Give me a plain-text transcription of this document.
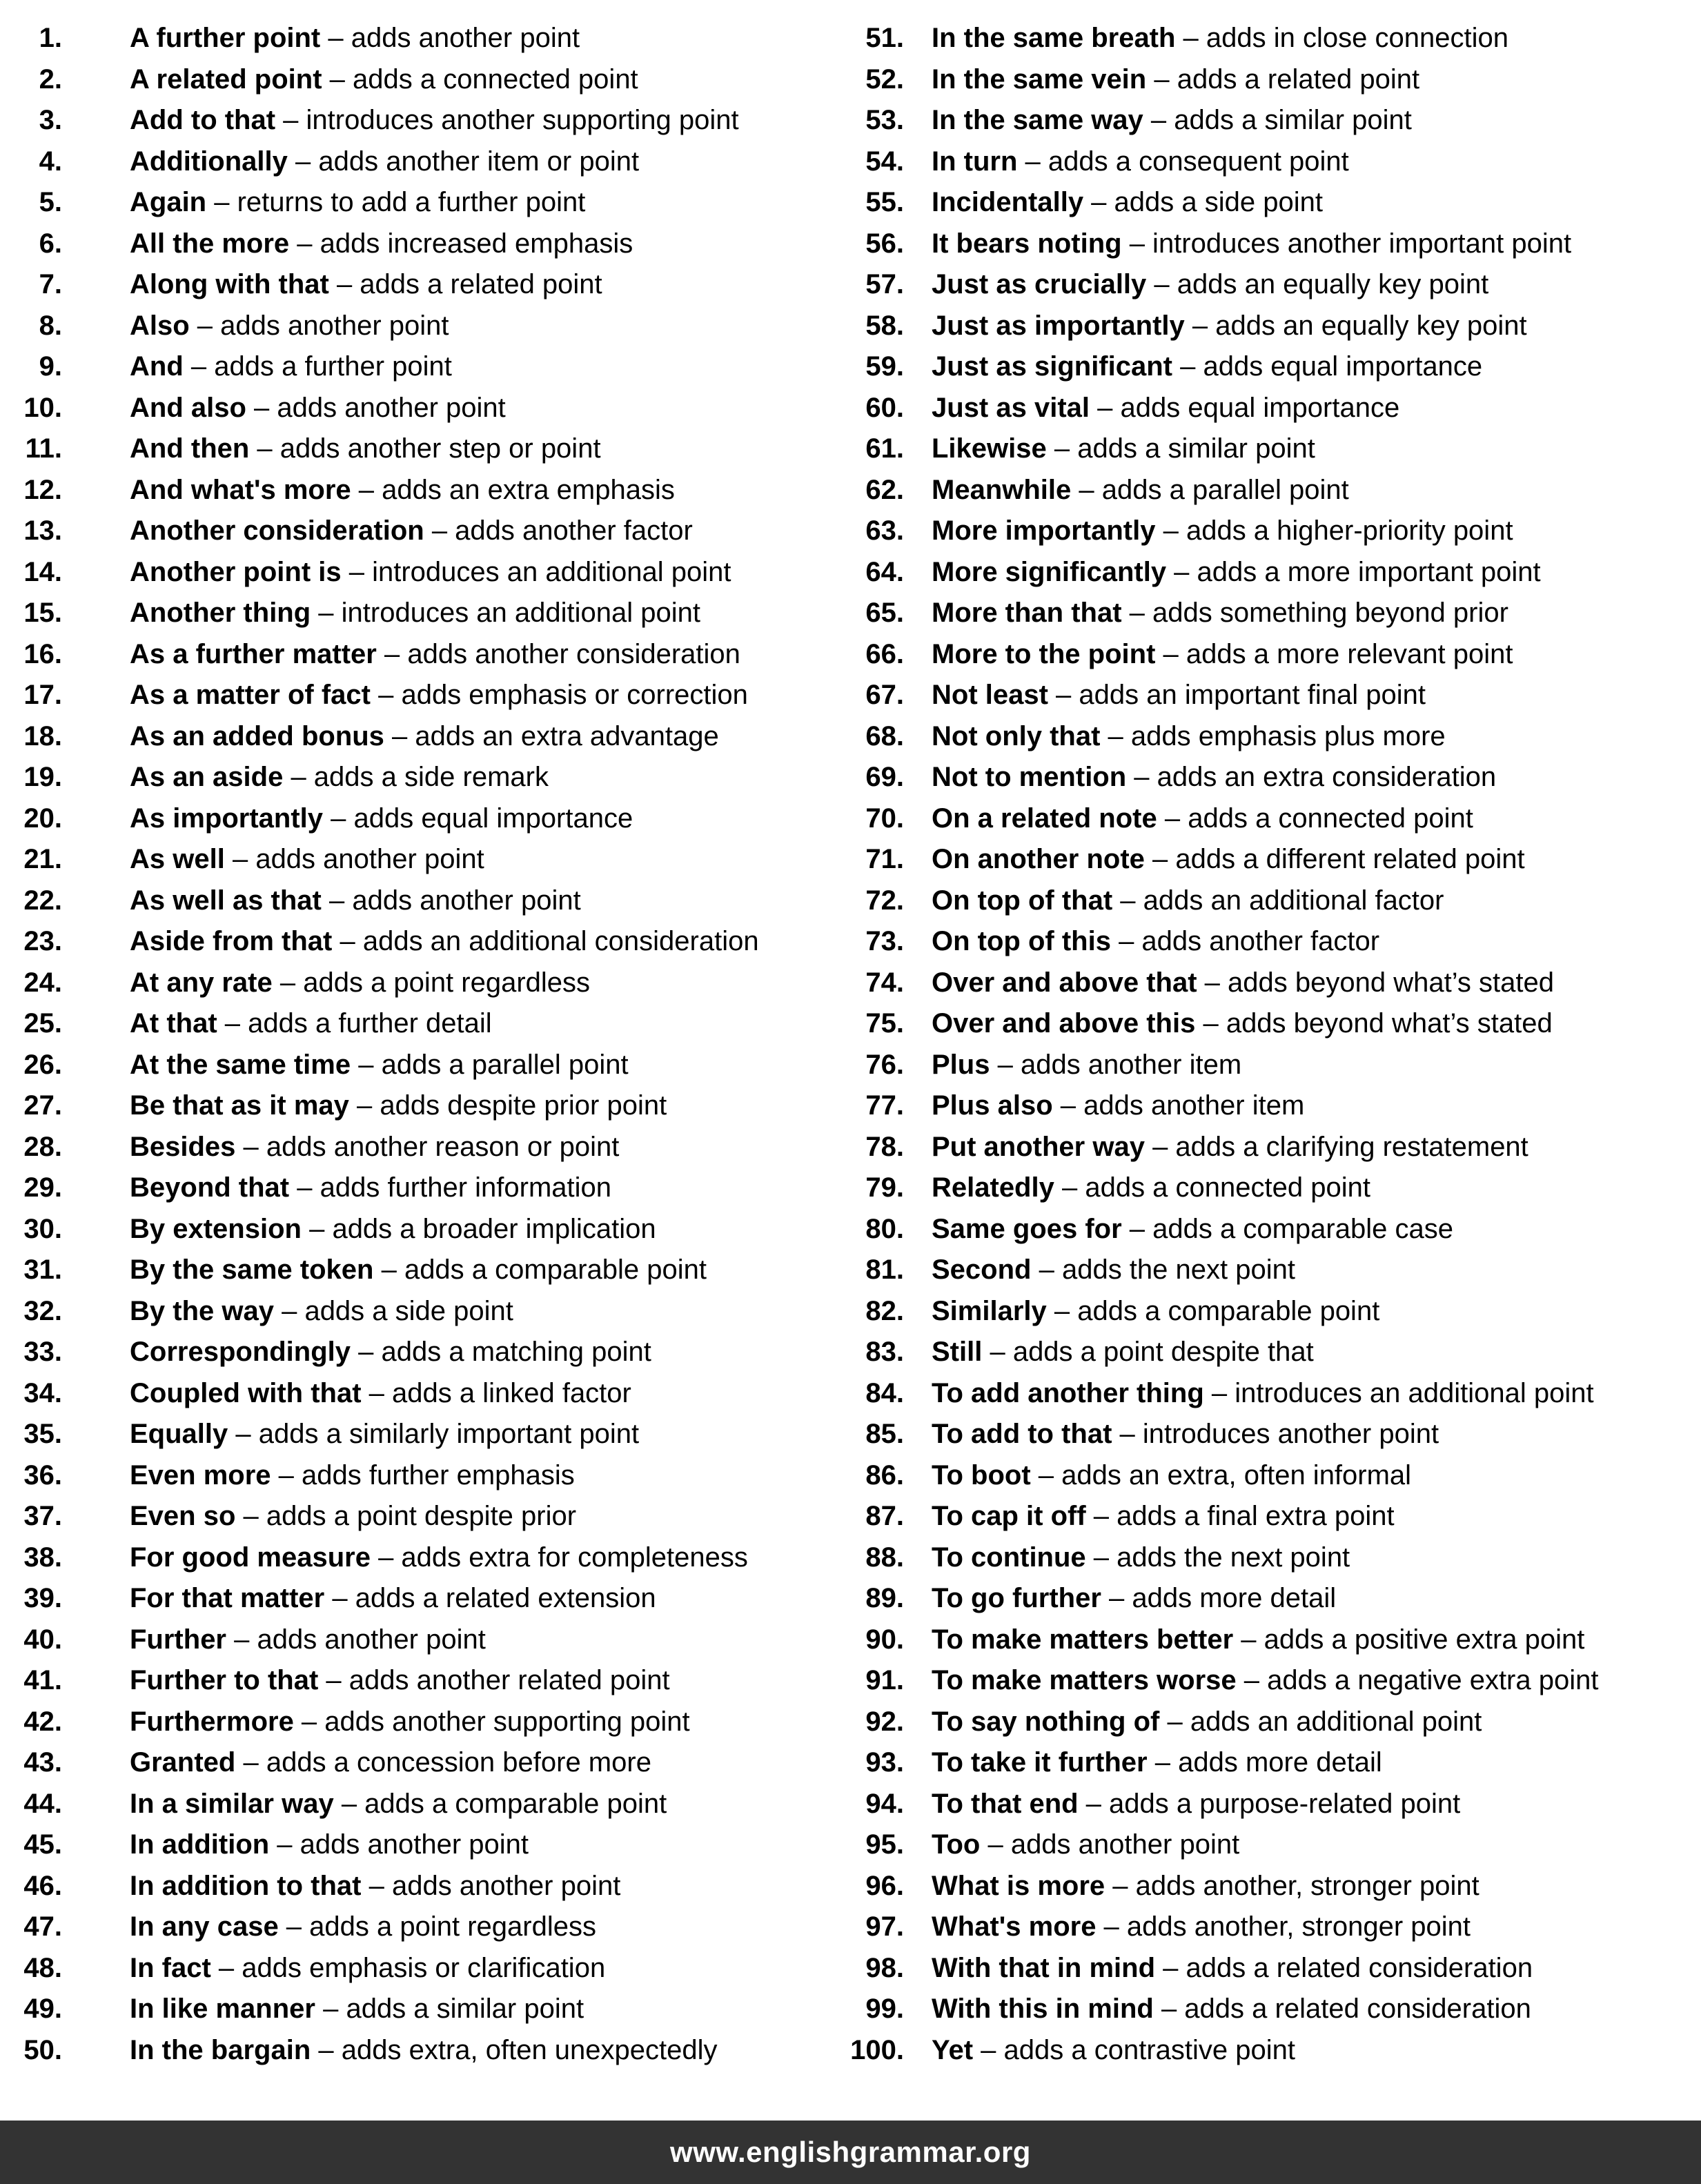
1. A further point – adds another point
2. A related point – adds a connected point
3. Add to that – introduces another supporting point
4. Additionally – adds another item or point
5. Again – returns to add a further point
6. All the more – adds increased emphasis
7. Along with that – adds a related point
8. Also – adds another point
9. And – adds a further point
10. And also – adds another point
11. And then – adds another step or point
12. And what's more – adds an extra emphasis
13. Another consideration – adds another factor
14. Another point is – introduces an additional point
15. Another thing – introduces an additional point
16. As a further matter – adds another consideration
17. As a matter of fact – adds emphasis or correction
18. As an added bonus – adds an extra advantage
19. As an aside – adds a side remark
20. As importantly – adds equal importance
21. As well – adds another point
22. As well as that – adds another point
23. Aside from that – adds an additional consideration
24. At any rate – adds a point regardless
25. At that – adds a further detail
26. At the same time – adds a parallel point
27. Be that as it may – adds despite prior point
28. Besides – adds another reason or point
29. Beyond that – adds further information
30. By extension – adds a broader implication
31. By the same token – adds a comparable point
32. By the way – adds a side point
33. Correspondingly – adds a matching point
34. Coupled with that – adds a linked factor
35. Equally – adds a similarly important point
36. Even more – adds further emphasis
37. Even so – adds a point despite prior
38. For good measure – adds extra for completeness
39. For that matter – adds a related extension
40. Further – adds another point
41. Further to that – adds another related point
42. Furthermore – adds another supporting point
43. Granted – adds a concession before more
44. In a similar way – adds a comparable point
45. In addition – adds another point
46. In addition to that – adds another point
47. In any case – adds a point regardless
48. In fact – adds emphasis or clarification
49. In like manner – adds a similar point
50. In the bargain – adds extra, often unexpectedly
51. In the same breath – adds in close connection
52. In the same vein – adds a related point
53. In the same way – adds a similar point
54. In turn – adds a consequent point
55. Incidentally – adds a side point
56. It bears noting – introduces another important point
57. Just as crucially – adds an equally key point
58. Just as importantly – adds an equally key point
59. Just as significant – adds equal importance
60. Just as vital – adds equal importance
61. Likewise – adds a similar point
62. Meanwhile – adds a parallel point
63. More importantly – adds a higher-priority point
64. More significantly – adds a more important point
65. More than that – adds something beyond prior
66. More to the point – adds a more relevant point
67. Not least – adds an important final point
68. Not only that – adds emphasis plus more
69. Not to mention – adds an extra consideration
70. On a related note – adds a connected point
71. On another note – adds a different related point
72. On top of that – adds an additional factor
73. On top of this – adds another factor
74. Over and above that – adds beyond what’s stated
75. Over and above this – adds beyond what’s stated
76. Plus – adds another item
77. Plus also – adds another item
78. Put another way – adds a clarifying restatement
79. Relatedly – adds a connected point
80. Same goes for – adds a comparable case
81. Second – adds the next point
82. Similarly – adds a comparable point
83. Still – adds a point despite that
84. To add another thing – introduces an additional point
85. To add to that – introduces another point
86. To boot – adds an extra, often informal
87. To cap it off – adds a final extra point
88. To continue – adds the next point
89. To go further – adds more detail
90. To make matters better – adds a positive extra point
91. To make matters worse – adds a negative extra point
92. To say nothing of – adds an additional point
93. To take it further – adds more detail
94. To that end – adds a purpose-related point
95. Too – adds another point
96. What is more – adds another, stronger point
97. What's more – adds another, stronger point
98. With that in mind – adds a related consideration
99. With this in mind – adds a related consideration
100. Yet – adds a contrastive point
www.englishgrammar.org
